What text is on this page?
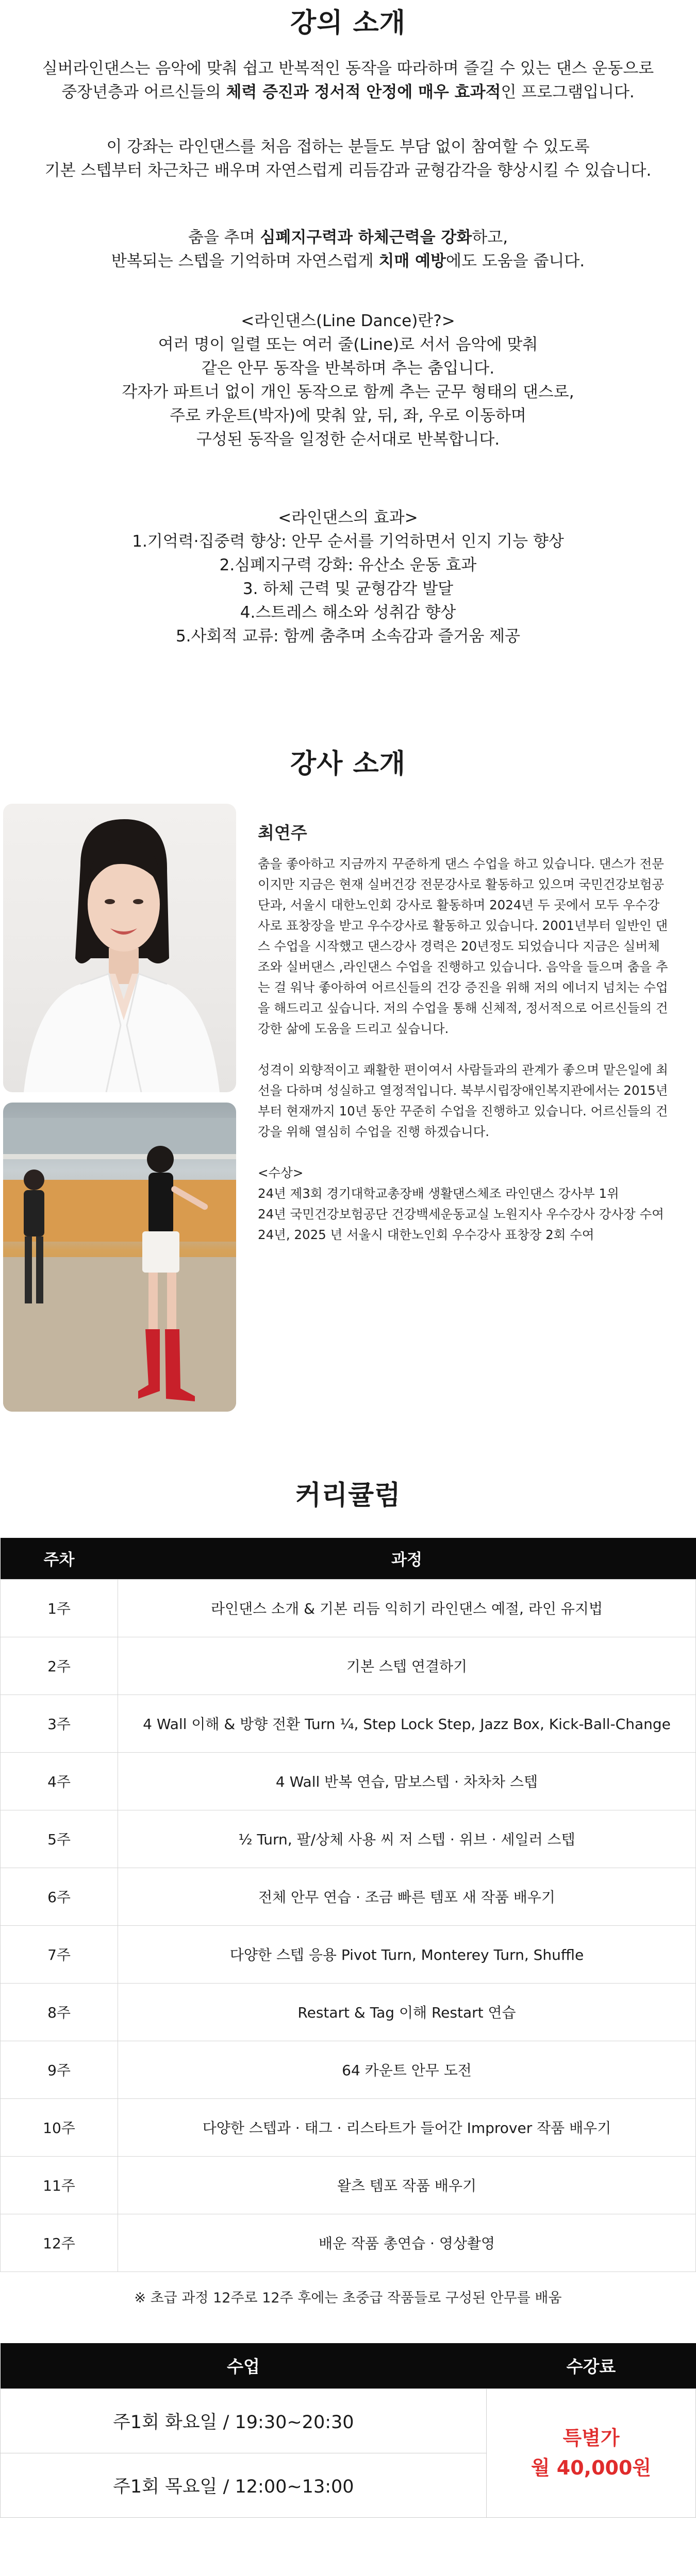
강의 소개

실버라인댄스는 음악에 맞춰 쉽고 반복적인 동작을 따라하며 즐길 수 있는 댄스 운동으로

중장년층과 어르신들의 체력 증진과 정서적 안정에 매우 효과적인 프로그램입니다.

이 강좌는 라인댄스를 처음 접하는 분들도 부담 없이 참여할 수 있도록

기본 스텝부터 차근차근 배우며 자연스럽게 리듬감과 균형감각을 향상시킬 수 있습니다.

춤을 추며 심폐지구력과 하체근력을 강화하고,

반복되는 스텝을 기억하며 자연스럽게 치매 예방에도 도움을 줍니다.

<라인댄스(Line Dance)란?>

여러 명이 일렬 또는 여러 줄(Line)로 서서 음악에 맞춰

같은 안무 동작을 반복하며 추는 춤입니다.

각자가 파트너 없이 개인 동작으로 함께 추는 군무 형태의 댄스로,

주로 카운트(박자)에 맞춰 앞, 뒤, 좌, 우로 이동하며

구성된 동작을 일정한 순서대로 반복합니다.

<라인댄스의 효과>

1.기억력·집중력 향상: 안무 순서를 기억하면서 인지 기능 향상

2.심폐지구력 강화: 유산소 운동 효과

3. 하체 근력 및 균형감각 발달

4.스트레스 해소와 성취감 향상

5.사회적 교류: 함께 춤추며 소속감과 즐거움 제공

강사 소개
최연주

춤을 좋아하고 지금까지 꾸준하게 댄스 수업을 하고 있습니다. 댄스가 전문이지만 지금은 현재 실버건강 전문강사로 활동하고 있으며 국민건강보험공단과, 서울시 대한노인회 강사로 활동하며 2024년 두 곳에서 모두 우수강사로 표창장을 받고 우수강사로 활동하고 있습니다. 2001년부터 일반인 댄스 수업을 시작했고 댄스강사 경력은 20년정도 되었습니다 지금은 실버체조와 실버댄스 ,라인댄스 수업을 진행하고 있습니다. 음악을 들으며 춤을 추는 걸 워낙 좋아하여 어르신들의 건강 증진을 위해 저의 에너지 넘치는 수업을 해드리고 싶습니다. 저의 수업을 통해 신체적, 정서적으로 어르신들의 건강한 삶에 도움을 드리고 싶습니다.

성격이 외향적이고 쾌활한 편이여서 사람들과의 관계가 좋으며 맡은일에 최선을 다하며 성실하고 열정적입니다. 북부시립장애인복지관에서는 2015년부터 현재까지 10년 동안 꾸준히 수업을 진행하고 있습니다. 어르신들의 건강을 위해 열심히 수업을 진행 하겠습니다.

<수상>
24년 제3회 경기대학교총장배 생활댄스체조 라인댄스 강사부 1위
24년 국민건강보험공단 건강백세운동교실 노원지사 우수강사 강사장 수여
24년, 2025 년 서울시 대한노인회 우수강사 표창장 2회 수여
커리큘럼
주차	과정
1주	라인댄스 소개 & 기본 리듬 익히기 라인댄스 예절, 라인 유지법
2주	기본 스텝 연결하기
3주	4 Wall 이해 & 방향 전환 Turn ¼, Step Lock Step, Jazz Box, Kick-Ball-Change
4주	4 Wall 반복 연습, 맘보스텝 · 차차차 스텝
5주	½ Turn, 팔/상체 사용 씨 저 스텝 · 위브 · 세일러 스텝
6주	전체 안무 연습 · 조금 빠른 템포 새 작품 배우기
7주	다양한 스텝 응용 Pivot Turn, Monterey Turn, Shuffle
8주	Restart & Tag 이해 Restart 연습
9주	64 카운트 안무 도전
10주	다양한 스텝과 · 태그 · 리스타트가 들어간 Improver 작품 배우기
11주	왈츠 템포 작품 배우기
12주	배운 작품 총연습 · 영상촬영
※ 초급 과정 12주로 12주 후에는 초중급 작품들로 구성된 안무를 배움
수업	수강료
주1회 화요일 / 19:30~20:30	특별가
월 40,000원

주1회 목요일 / 12:00~13:00	
